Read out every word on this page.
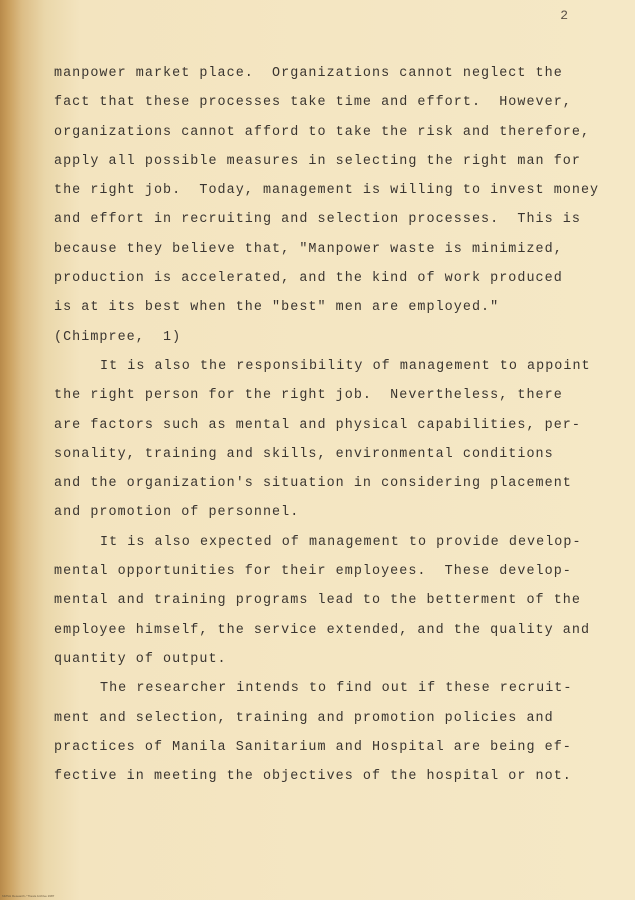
2
manpower market place.  Organizations cannot neglect the
fact that these processes take time and effort.  However,
organizations cannot afford to take the risk and therefore,
apply all possible measures in selecting the right man for
the right job.  Today, management is willing to invest money
and effort in recruiting and selection processes.  This is
because they believe that, "Manpower waste is minimized,
production is accelerated, and the kind of work produced
is at its best when the "best" men are employed."
(Chimpree,  1)
It is also the responsibility of management to appoint
the right person for the right job.  Nevertheless, there
are factors such as mental and physical capabilities, per-
sonality, training and skills, environmental conditions
and the organization's situation in considering placement
and promotion of personnel.
It is also expected of management to provide develop-
mental opportunities for their employees.  These develop-
mental and training programs lead to the betterment of the
employee himself, the service extended, and the quality and
quantity of output.
The researcher intends to find out if these recruit-
ment and selection, training and promotion policies and
practices of Manila Sanitarium and Hospital are being ef-
fective in meeting the objectives of the hospital or not.
MMSH Research / Thesis Archive 1987
